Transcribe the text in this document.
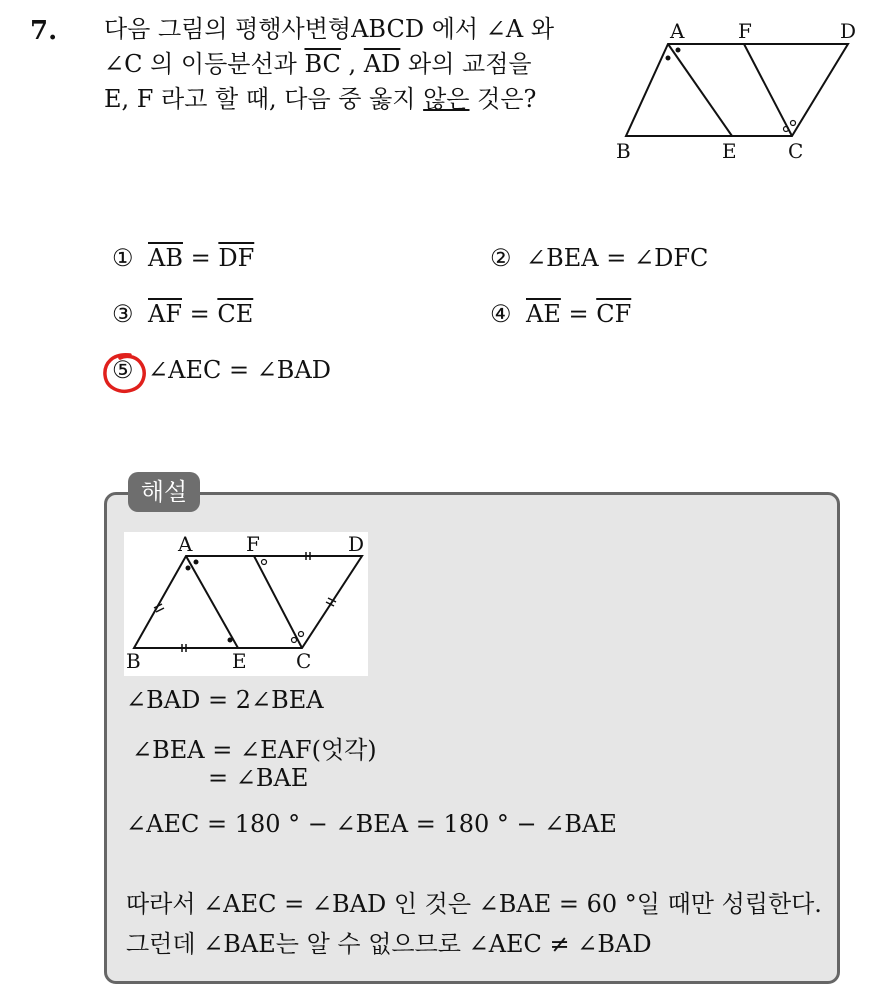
7. 다음 그림의 평행사변형ABCD 에서 ∠A 와

∠C 의 이등분선과 $\overline{BC}$ , $\overline{AD}$ 와의 교점을

E, F 라고 할 때, 다음 중 옳지 않은 것은?

A	F	D
B	E	C
① $\overline{AB} = \overline{DF}$	② ∠BEA = ∠DFC
③ $\overline{AF} = \overline{CE}$	④ $\overline{AE} = \overline{CF}$
⑤ ∠AEC = ∠BAD
해설
A	F	D
B	E C
∠BAD = 2∠BEA
∠BEA = ∠EAF(엇각)
= ∠BAE
∠AEC = 180 ° − ∠BEA = 180 ° − ∠BAE
따라서 ∠AEC = ∠BAD 인 것은 ∠BAE = 60 °일 때만 성립한다.
그런데 ∠BAE는 알 수 없으므로 ∠AEC ≠ ∠BAD
